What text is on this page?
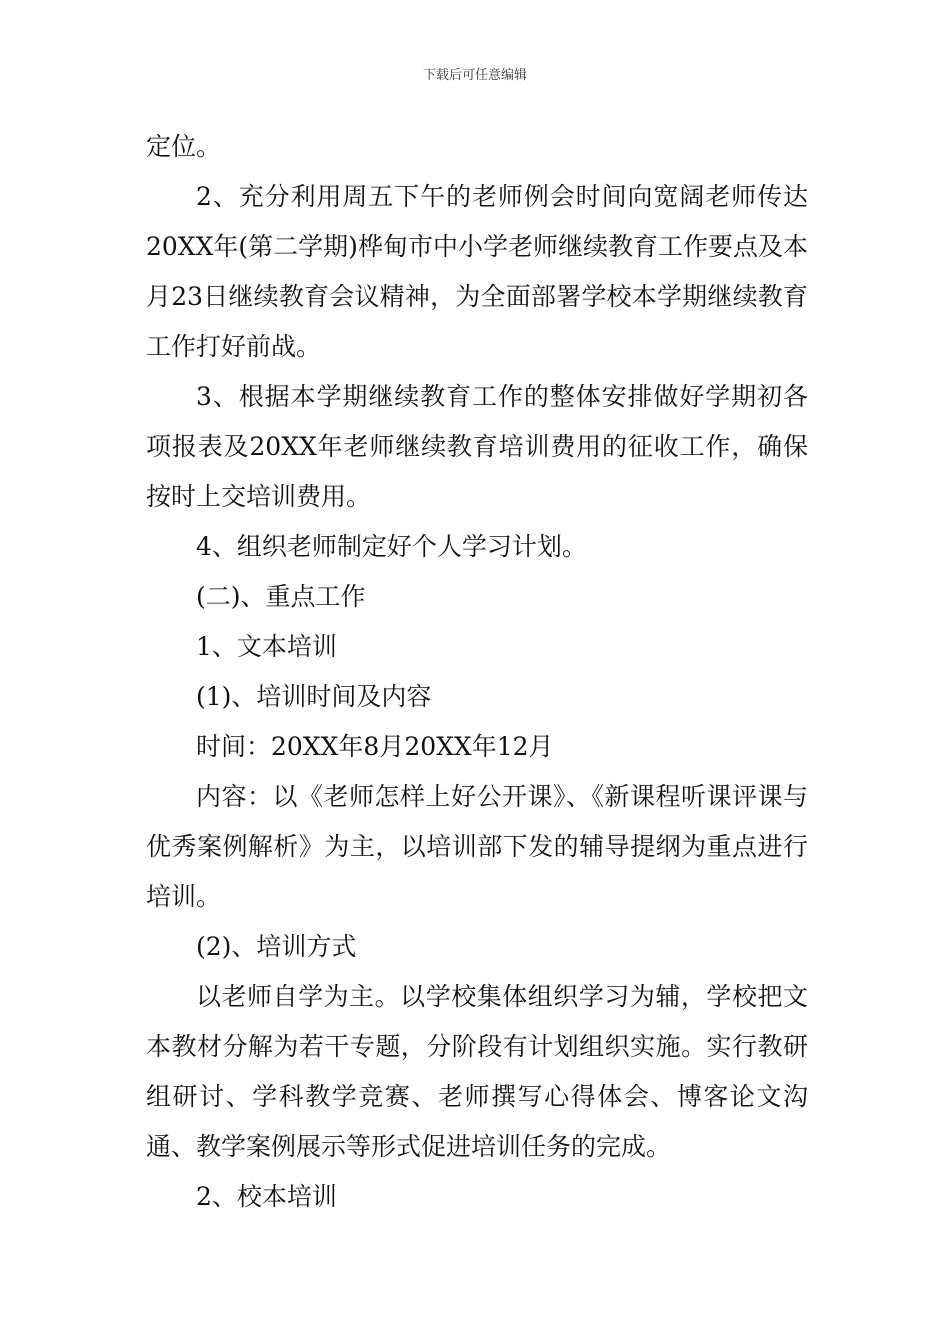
下载后可任意编辑

定位。

2、充分利用周五下午的老师例会时间向宽阔老师传达20XX年(第二学期)桦甸市中小学老师继续教育工作要点及本月23日继续教育会议精神，为全面部署学校本学期继续教育工作打好前战。

3、根据本学期继续教育工作的整体安排做好学期初各项报表及20XX年老师继续教育培训费用的征收工作，确保按时上交培训费用。

4、组织老师制定好个人学习计划。

(二)、重点工作

1、文本培训

(1)、培训时间及内容

时间：20XX年8月20XX年12月

内容：以《老师怎样上好公开课》、《新课程听课评课与优秀案例解析》为主，以培训部下发的辅导提纲为重点进行培训。

(2)、培训方式

以老师自学为主。以学校集体组织学习为辅，学校把文本教材分解为若干专题，分阶段有计划组织实施。实行教研组研讨、学科教学竞赛、老师撰写心得体会、博客论文沟通、教学案例展示等形式促进培训任务的完成。

2、校本培训
